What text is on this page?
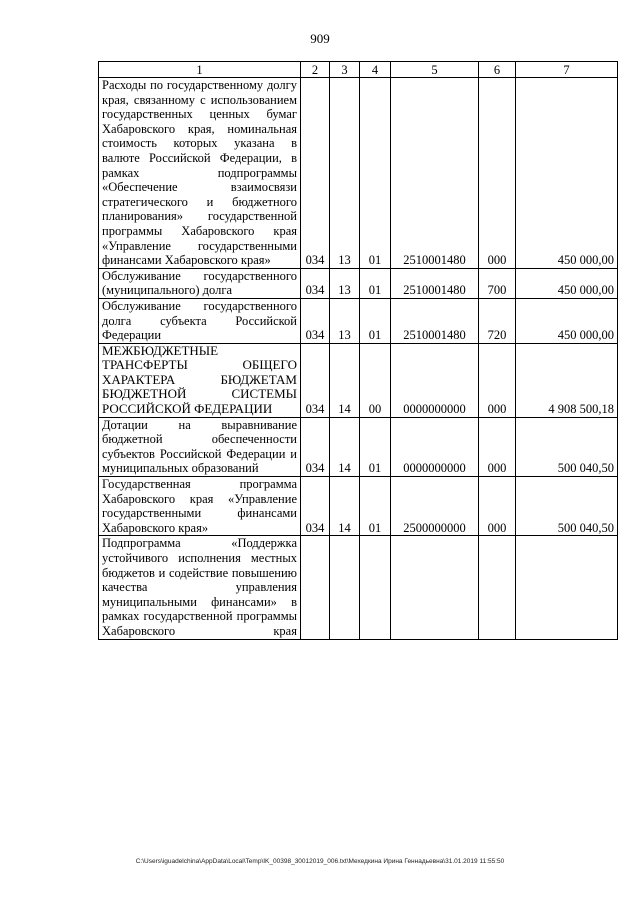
909
1	2	3	4	5	6	7
Расходы по государственному долгу края, связанному с использованием государственных ценных бумаг Хабаровского края, номинальная стоимость которых указана в валюте Российской Федерации, в рамках подпрограммы «Обеспечение взаимосвязи стратегического и бюджетного планирования» государственной программы Хабаровского края «Управление государственными финансами Хабаровского края»	034	13	01	2510001480	000	450 000,00
Обслуживание государственного (муниципального) долга	034	13	01	2510001480	700	450 000,00
Обслуживание государственного долга субъекта Российской Федерации	034	13	01	2510001480	720	450 000,00
МЕЖБЮДЖЕТНЫЕ ТРАНСФЕРТЫ ОБЩЕГО ХАРАКТЕРА БЮДЖЕТАМ БЮДЖЕТНОЙ СИСТЕМЫ РОССИЙСКОЙ ФЕДЕРАЦИИ	034	14	00	0000000000	000	4 908 500,18
Дотации на выравнивание бюджетной обеспеченности субъектов Российской Федерации и муниципальных образований	034	14	01	0000000000	000	500 040,50
Государственная программа Хабаровского края «Управление государственными финансами Хабаровского края»	034	14	01	2500000000	000	500 040,50
Подпрограмма «Поддержка устойчивого исполнения местных бюджетов и содействие повышению качества управления муниципальными финансами» в рамках государственной программы Хабаровского края						
C:\Users\iguadelchina\AppData\Local\Temp\IK_00398_30012019_006.txt\Мехедкина Ирина Геннадьевна\31.01.2019 11:55:50
